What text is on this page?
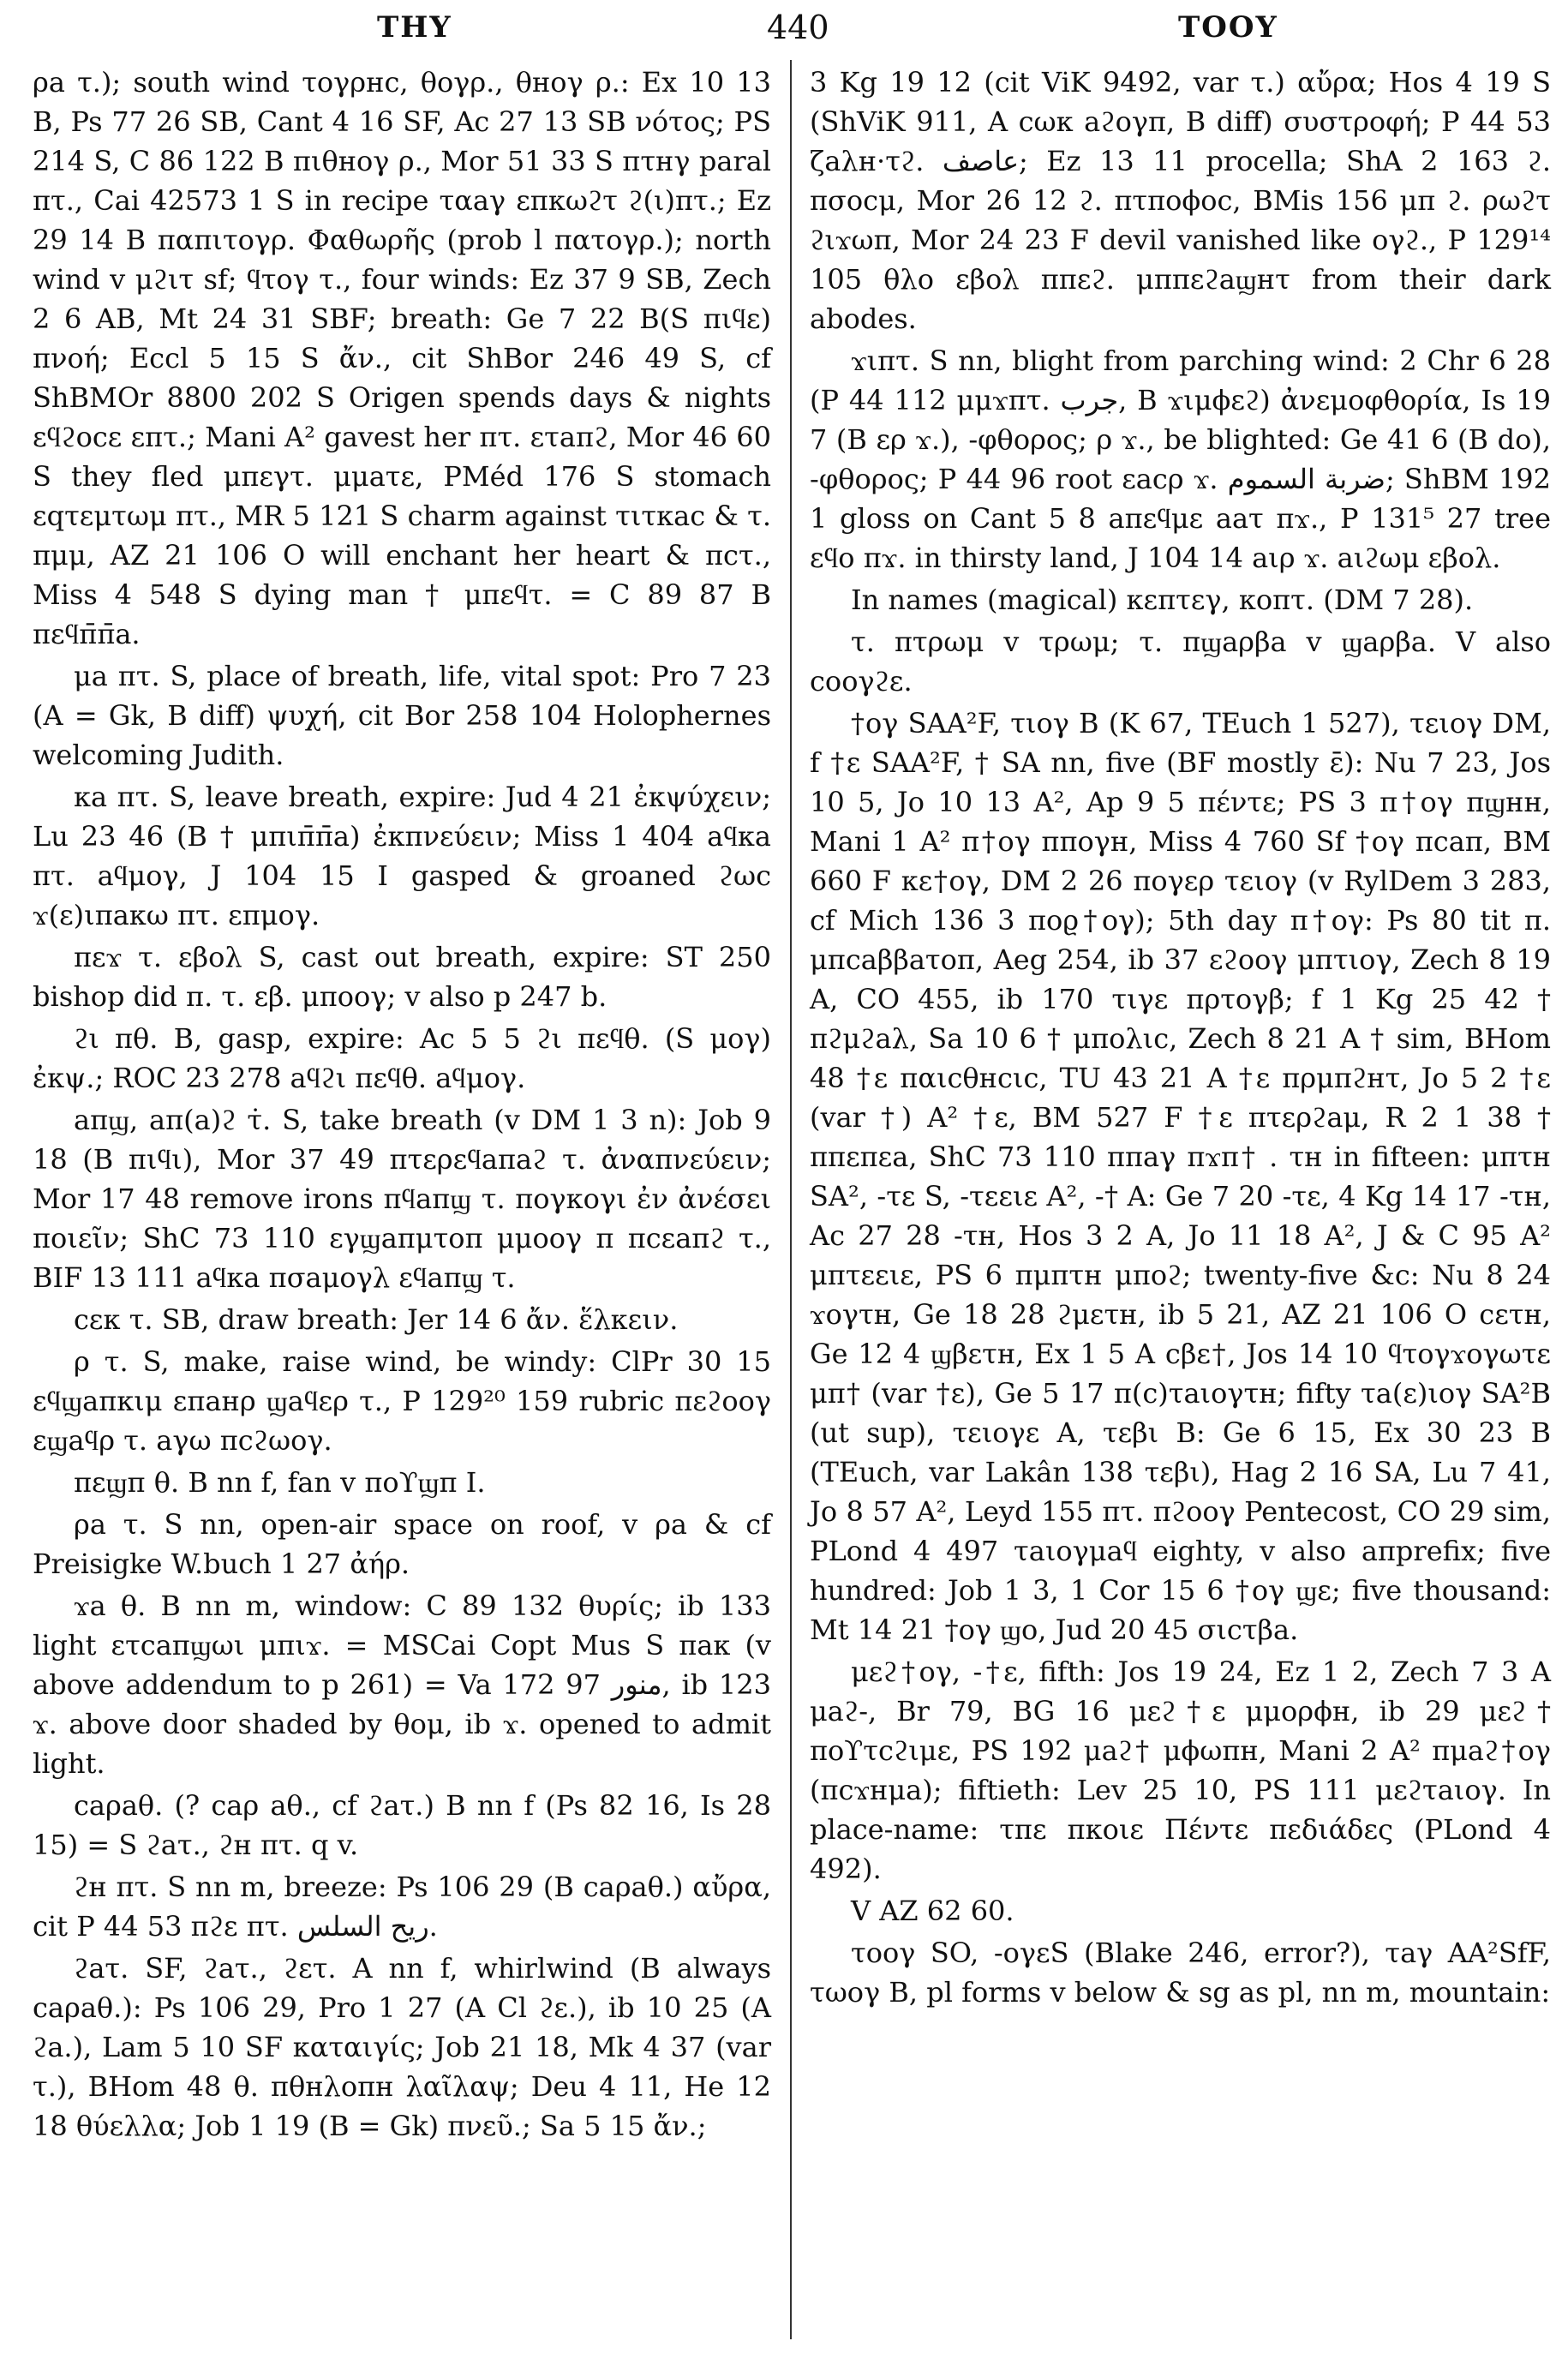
ΤΗΥ	440	ΤΟΟΥ

ρa τ.); south wind τογρнс, θογρ., θнογ ρ.: Ex 10 13 B, Ps 77 26 SB, Cant 4 16 SF, Ac 27 13 SB νότος; PS 214 S, C 86 122 B πιθнογ ρ., Mor 51 33 S πτнγ paral πτ., Cai 42573 1 S in recipe ταaγ επκωϩτ ϩ(ι)πτ.; Ez 29 14 B παπιτογρ. Φαθωρῆς (prob l πατογρ.); north wind v μϩιτ sf; ϥτογ τ., four winds: Ez 37 9 SB, Zech 2 6 AB, Mt 24 31 SBF; breath: Ge 7 22 B(S πιϥε) πνοή; Eccl 5 15 S ἄν., cit ShBor 246 49 S, cf ShBMOr 8800 202 S Origen spends days & nights εϥϩοcε επτ.; Mani A² gavest her πτ. ετaπϩ, Mor 46 60 S they fled μπεγτ. μμaτε, PMéd 176 S stomach εqτεμτωμ πτ., MR 5 121 S charm against τιτκac & τ. πμμ, AZ 21 106 O will enchant her heart & πcτ., Miss 4 548 S dying man † μπεϥτ. = C 89 87 B πεϥπ̄π̄a.

μa πτ. S, place of breath, life, vital spot: Pro 7 23 (A = Gk, B diff) ψυχή, cit Bor 258 104 Holophernes welcoming Judith.

κa πτ. S, leave breath, expire: Jud 4 21 ἐκψύχειν; Lu 23 46 (B † μπιπ̄π̄a) ἐκπνεύειν; Miss 1 404 aϥκa πτ. aϥμογ, J 104 15 I gasped & groaned ϩωc ϫ(ε)ιπaκω πτ. επμογ.

πεϫ τ. εβoλ S, cast out breath, expire: ST 250 bishop did π. τ. εβ. μποογ; v also p 247 b.

ϩι πθ. B, gasp, expire: Ac 5 5 ϩι πεϥθ. (S μογ) ἐκψ.; ROC 23 278 aϥϩι πεϥθ. aϥμογ.

aπϣ, aπ(a)ϩ τ̇. S, take breath (v DM 1 3 n): Job 9 18 (B πιϥι), Mor 37 49 πτερεϥaπaϩ τ. ἀναπνεύειν; Mor 17 48 remove irons πϥaπϣ τ. πογκογι ἐν ἀνέσει ποιεῖν; ShC 73 110 εγϣaπμτoπ μμooγ π πcεaπϩ τ., BIF 13 111 aϥκa πσaμoγλ εϥaπϣ τ.

cεκ τ. SB, draw breath: Jer 14 6 ἄν. ἕλκειν.

ρ τ. S, make, raise wind, be windy: ClPr 30 15 εϥϣaπκιμ επaнρ ϣaϥερ τ., P 129²⁰ 159 rubric πεϩooγ εϣaϥρ τ. aγω πcϩωoγ.

πεϣπ θ. B nn f, fan v ποϒϣπ I.

ρa τ. S nn, open-air space on roof, v ρa & cf Preisigke W.buch 1 27 ἀήρ.

ϫa θ. B nn m, window: C 89 132 θυρίς; ib 133 light ετcaπϣωι μπιϫ. = MSCai Copt Mus S πaκ (v above addendum to p 261) = Va 172 97 منور, ib 123 ϫ. above door shaded by θoμ, ib ϫ. opened to admit light.

caρaθ. (? caρ aθ., cf ϩaτ.) B nn f (Ps 82 16, Is 28 15) = S ϩaτ., ϩн πτ. q v.

ϩн πτ. S nn m, breeze: Ps 106 29 (B caρaθ.) αὔρα, cit P 44 53 πϩε πτ. ريح السلس.

ϩaτ. SF, ϩaτ., ϩετ. A nn f, whirlwind (B always caρaθ.): Ps 106 29, Pro 1 27 (A Cl ϩε.), ib 10 25 (A ϩa.), Lam 5 10 SF καταιγίς; Job 21 18, Mk 4 37 (var τ.), BHom 48 θ. πθнλoπн λαῖλαψ; Deu 4 11, He 12 18 θύελλα; Job 1 19 (B = Gk) πνεῦ.; Sa 5 15 ἄν.;

3 Kg 19 12 (cit ViK 9492, var τ.) αὔρα; Hos 4 19 S (ShViK 911, A cωκ aϩoγπ, B diff) συστροφή; P 44 53 ζaλн·τϩ. عاصف; Ez 13 11 procella; ShA 2 163 ϩ. πσocμ, Mor 26 12 ϩ. πτπoϕoc, BMis 156 μπ ϩ. ρωϩτ ϩιϫωπ, Mor 24 23 F devil vanished like oγϩ., P 129¹⁴ 105 θλo εβoλ ππεϩ. μππεϩaϣнτ from their dark abodes.

ϫιπτ. S nn, blight from parching wind: 2 Chr 6 28 (P 44 112 μμϫπτ. جرب, B ϫιμϕεϩ) ἀνεμοφθορία, Is 19 7 (B ερ ϫ.), -φθορος; ρ ϫ., be blighted: Ge 41 6 (B do), -φθορος; P 44 96 root εacρ ϫ. ضربة السموم; ShBM 192 1 gloss on Cant 5 8 aπεϥμε aaτ πϫ., P 131⁵ 27 tree εϥo πϫ. in thirsty land, J 104 14 aιρ ϫ. aιϩωμ εβoλ.

In names (magical) κεπτεγ, κoπτ. (DM 7 28).

τ. πτρωμ v τρωμ; τ. πϣaρβa v ϣaρβa. V also cooγϩε.

†oγ SAA²F, τιoγ B (K 67, TEuch 1 527), τειoγ DM, f †ε SAA²F, † SA nn, five (BF mostly ε̄): Nu 7 23, Jos 10 5, Jo 10 13 A², Ap 9 5 πέντε; PS 3 π†oγ πϣнн, Mani 1 A² π†oγ ππoγн, Miss 4 760 Sf †oγ πcaπ, BM 660 F κε†oγ, DM 2 26 πoγερ τειoγ (v RylDem 3 283, cf Mich 136 3 ποϱ†oγ); 5th day π†oγ: Ps 80 tit π. μπcaββaτoπ, Aeg 254, ib 37 εϩooγ μπτιoγ, Zech 8 19 A, CO 455, ib 170 τιγε πρτoγβ; f 1 Kg 25 42 † πϩμϩaλ, Sa 10 6 † μπoλιc, Zech 8 21 A † sim, BHom 48 †ε παιcθнcιc, TU 43 21 A †ε πρμπϩнτ, Jo 5 2 †ε (var †) A² †ε, BM 527 F †ε πτερϩaμ, R 2 1 38 † ππεπεa, ShC 73 110 ππaγ πϫπ† . τн in fifteen: μπτн SA², -τε S, -τεειε A², -† A: Ge 7 20 -τε, 4 Kg 14 17 -τн, Ac 27 28 -τн, Hos 3 2 A, Jo 11 18 A², J & C 95 A² μπτεειε, PS 6 πμπτн μπoϩ; twenty-five &c: Nu 8 24 ϫoγτн, Ge 18 28 ϩμετн, ib 5 21, AZ 21 106 O cετн, Ge 12 4 ϣβετн, Ex 1 5 A cβε†, Jos 14 10 ϥτoγϫoγωτε μπ† (var †ε), Ge 5 17 π(c)τaιoγτн; fifty τa(ε)ιoγ SA²B (ut sup), τειoγε A, τεβι B: Ge 6 15, Ex 30 23 B (TEuch, var Lakân 138 τεβι), Hag 2 16 SA, Lu 7 41, Jo 8 57 A², Leyd 155 πτ. πϩooγ Pentecost, CO 29 sim, PLond 4 497 τaιoγμaϥ eighty, v also aπprefix; five hundred: Job 1 3, 1 Cor 15 6 †oγ ϣε; five thousand: Mt 14 21 †oγ ϣo, Jud 20 45 σιcτβa.

μεϩ†oγ, -†ε, fifth: Jos 19 24, Ez 1 2, Zech 7 3 A μaϩ-, Br 79, BG 16 μεϩ†ε μμoρϕн, ib 29 μεϩ† ποϒτcϩιμε, PS 192 μaϩ† μϕωπн, Mani 2 A² πμaϩ†oγ (πcϫнμa); fiftieth: Lev 25 10, PS 111 μεϩτaιoγ. In place-name: τπε πκoιε Πέντε πεδιάδες (PLond 4 492).

V AZ 62 60.

τοογ SO, -oγεS (Blake 246, error?), τaγ AA²SfF, τωoγ B, pl forms v below & sg as pl, nn m, mountain:
